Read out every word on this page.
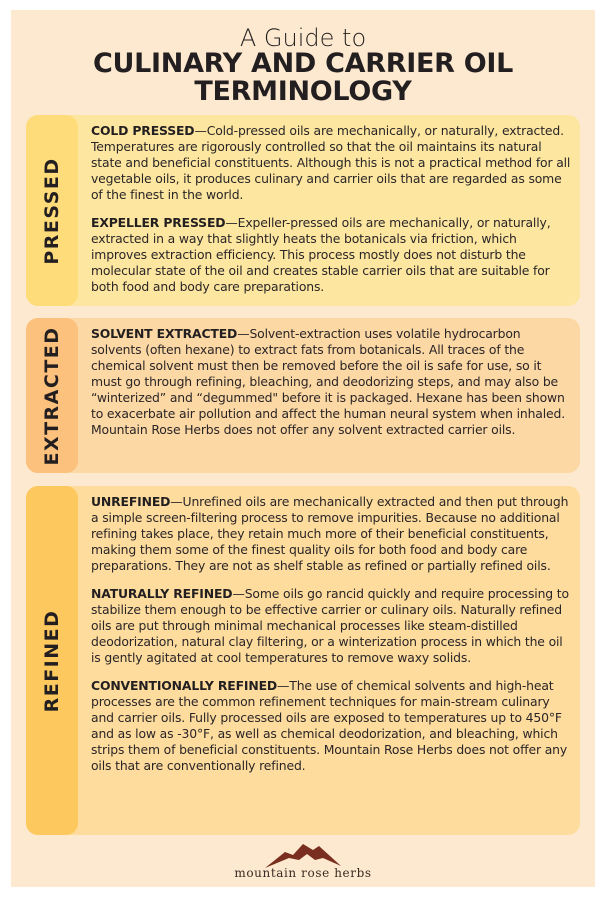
A Guide to
CULINARY AND CARRIER OIL
TERMINOLOGY
PRESSED

COLD PRESSED—Cold-pressed oils are mechanically, or naturally, extracted. Temperatures are rigorously controlled so that the oil maintains its natural state and beneficial constituents. Although this is not a practical method for all vegetable oils, it produces culinary and carrier oils that are regarded as some of the finest in the world.

EXPELLER PRESSED—Expeller-pressed oils are mechanically, or naturally, extracted in a way that slightly heats the botanicals via friction, which improves extraction efficiency. This process mostly does not disturb the molecular state of the oil and creates stable carrier oils that are suitable for both food and body care preparations.

EXTRACTED SOLVENT EXTRACTED—Solvent-extraction uses volatile hydrocarbon solvents (often hexane) to extract fats from botanicals. All traces of the chemical solvent must then be removed before the oil is safe for use, so it must go through refining, bleaching, and deodorizing steps, and may also be “winterized” and “degummed" before it is packaged. Hexane has been shown to exacerbate air pollution and affect the human neural system when inhaled. Mountain Rose Herbs does not offer any solvent extracted carrier oils.

REFINED

UNREFINED—Unrefined oils are mechanically extracted and then put through a simple screen-filtering process to remove impurities. Because no additional refining takes place, they retain much more of their beneficial constituents, making them some of the finest quality oils for both food and body care preparations. They are not as shelf stable as refined or partially refined oils.

NATURALLY REFINED—Some oils go rancid quickly and require processing to stabilize them enough to be effective carrier or culinary oils. Naturally refined oils are put through minimal mechanical processes like steam-distilled deodorization, natural clay filtering, or a winterization process in which the oil is gently agitated at cool temperatures to remove waxy solids.

CONVENTIONALLY REFINED—The use of chemical solvents and high-heat processes are the common refinement techniques for main-stream culinary and carrier oils. Fully processed oils are exposed to temperatures up to 450°F and as low as -30°F, as well as chemical deodorization, and bleaching, which strips them of beneficial constituents. Mountain Rose Herbs does not offer any oils that are conventionally refined.

mountain rose herbs
